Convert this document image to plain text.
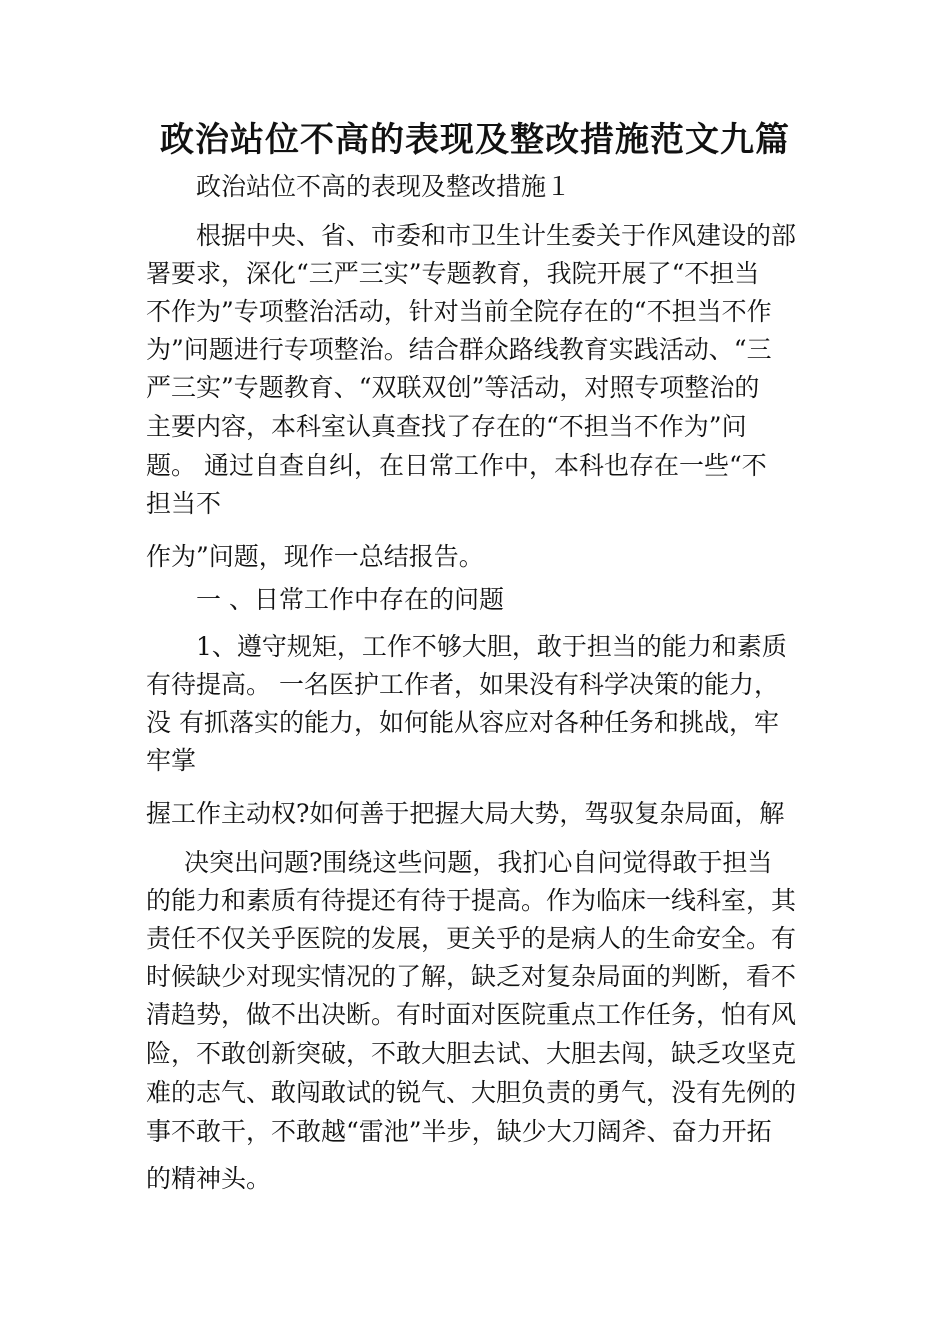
政治站位不高的表现及整改措施范文九篇
政治站位不高的表现及整改措施１
根据中央、省、市委和市卫生计生委关于作风建设的部
署要求，深化“三严三实”专题教育，我院开展了“不担当
不作为”专项整治活动，针对当前全院存在的“不担当不作
为”问题进行专项整治。结合群众路线教育实践活动、“三
严三实”专题教育、“双联双创”等活动，对照专项整治的
主要内容，本科室认真查找了存在的“不担当不作为”问
题。 通过自查自纠，在日常工作中，本科也存在一些“不
担当不
作为”问题，现作一总结报告。
一 、日常工作中存在的问题
1、遵守规矩，工作不够大胆，敢于担当的能力和素质
有待提高。 一名医护工作者，如果没有科学决策的能力，
没 有抓落实的能力，如何能从容应对各种任务和挑战，牢
牢掌
握工作主动权?如何善于把握大局大势，驾驭复杂局面，解
决突出问题?围绕这些问题，我扪心自问觉得敢于担当
的能力和素质有待提还有待于提高。作为临床一线科室，其
责任不仅关乎医院的发展，更关乎的是病人的生命安全。有
时候缺少对现实情况的了解，缺乏对复杂局面的判断，看不
清趋势，做不出决断。有时面对医院重点工作任务，怕有风
险，不敢创新突破，不敢大胆去试、大胆去闯，缺乏攻坚克
难的志气、敢闯敢试的锐气、大胆负责的勇气，没有先例的
事不敢干，不敢越“雷池”半步，缺少大刀阔斧、奋力开拓
的精神头。
